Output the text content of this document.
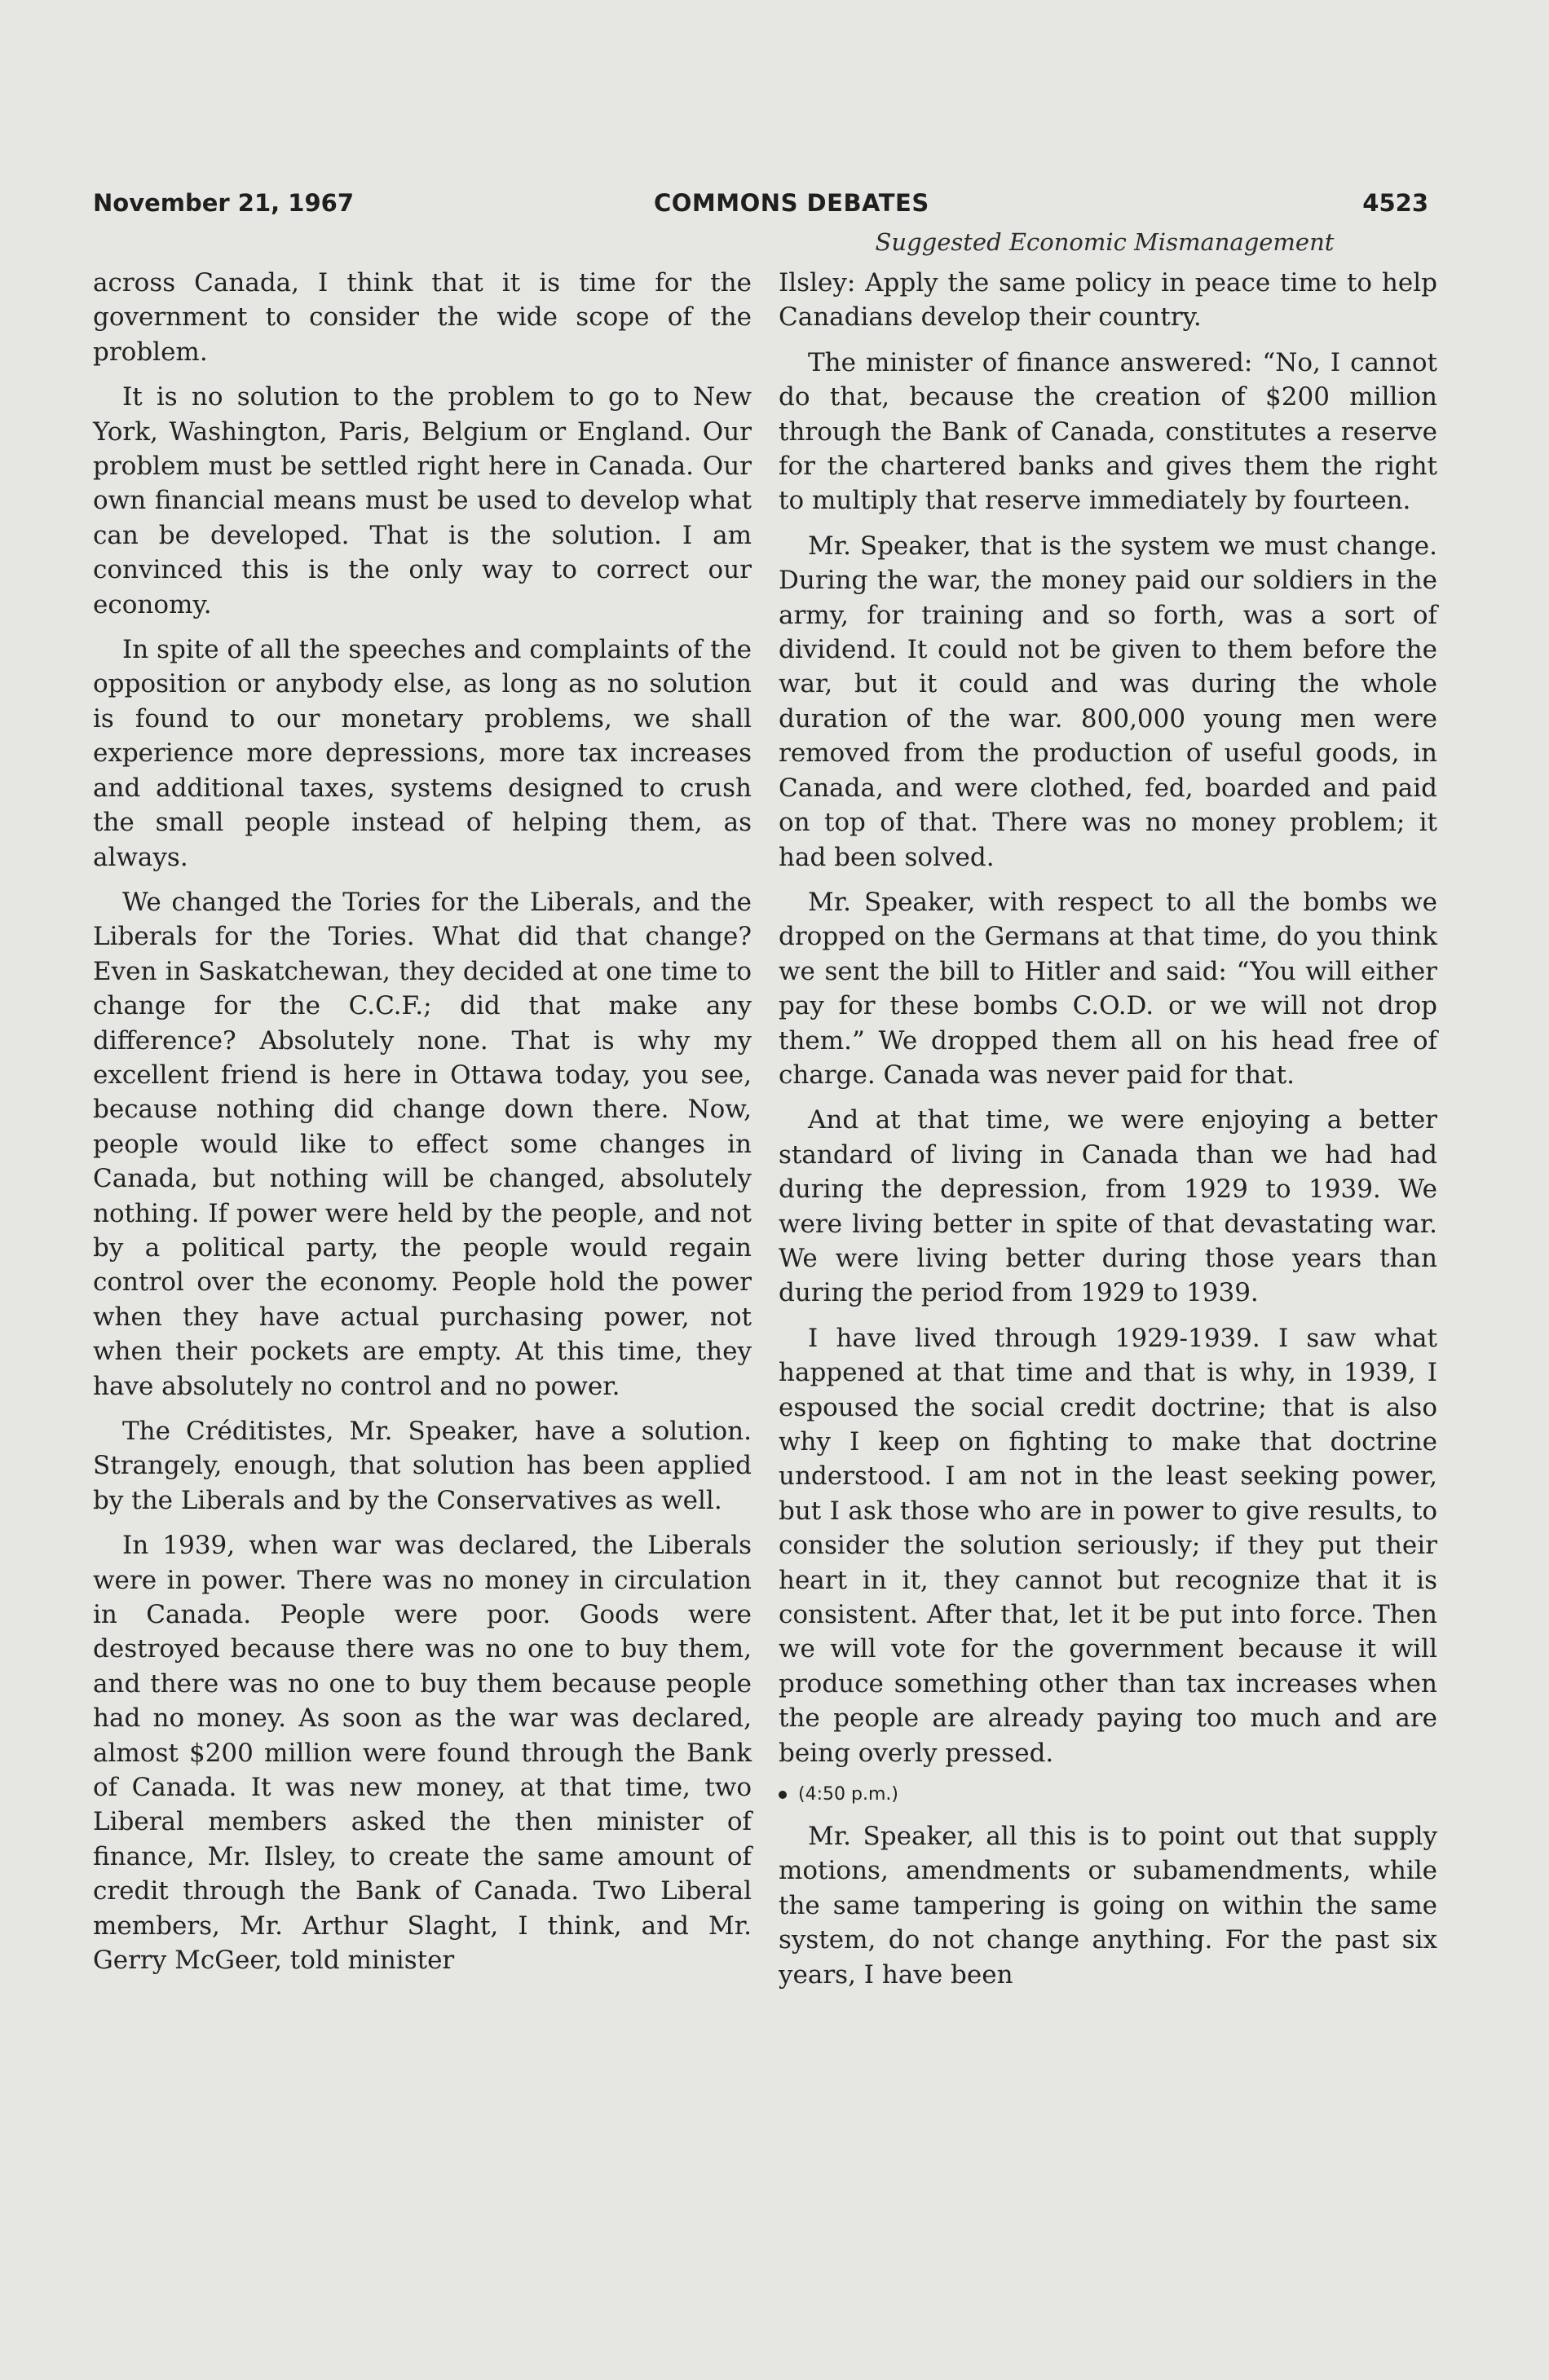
November 21, 1967	COMMONS DEBATES	4523
Suggested Economic Mismanagement

across Canada, I think that it is time for the government to consider the wide scope of the problem.

It is no solution to the problem to go to New York, Washington, Paris, Belgium or England. Our problem must be settled right here in Canada. Our own financial means must be used to develop what can be developed. That is the solution. I am convinced this is the only way to correct our economy.

In spite of all the speeches and complaints of the opposition or anybody else, as long as no solution is found to our monetary problems, we shall experience more depressions, more tax increases and additional taxes, systems designed to crush the small people instead of helping them, as always.

We changed the Tories for the Liberals, and the Liberals for the Tories. What did that change? Even in Saskatchewan, they decided at one time to change for the C.C.F.; did that make any difference? Absolutely none. That is why my excellent friend is here in Ottawa today, you see, because nothing did change down there. Now, people would like to effect some changes in Canada, but nothing will be changed, absolutely nothing. If power were held by the people, and not by a political party, the people would regain control over the economy. People hold the power when they have actual purchasing power, not when their pockets are empty. At this time, they have absolutely no control and no power.

The Créditistes, Mr. Speaker, have a solution. Strangely, enough, that solution has been applied by the Liberals and by the Conservatives as well.

In 1939, when war was declared, the Liberals were in power. There was no money in circulation in Canada. People were poor. Goods were destroyed because there was no one to buy them, and there was no one to buy them because people had no money. As soon as the war was declared, almost $200 million were found through the Bank of Canada. It was new money, at that time, two Liberal members asked the then minister of finance, Mr. Ilsley, to create the same amount of credit through the Bank of Canada. Two Liberal members, Mr. Arthur Slaght, I think, and Mr. Gerry McGeer, told minister

Ilsley: Apply the same policy in peace time to help Canadians develop their country.

The minister of finance answered: “No, I cannot do that, because the creation of $200 million through the Bank of Canada, constitutes a reserve for the chartered banks and gives them the right to multiply that reserve immediately by fourteen.

Mr. Speaker, that is the system we must change. During the war, the money paid our soldiers in the army, for training and so forth, was a sort of dividend. It could not be given to them before the war, but it could and was during the whole duration of the war. 800,000 young men were removed from the production of useful goods, in Canada, and were clothed, fed, boarded and paid on top of that. There was no money problem; it had been solved.

Mr. Speaker, with respect to all the bombs we dropped on the Germans at that time, do you think we sent the bill to Hitler and said: “You will either pay for these bombs C.O.D. or we will not drop them.” We dropped them all on his head free of charge. Canada was never paid for that.

And at that time, we were enjoying a better standard of living in Canada than we had had during the depression, from 1929 to 1939. We were living better in spite of that devastating war. We were living better during those years than during the period from 1929 to 1939.

I have lived through 1929-1939. I saw what happened at that time and that is why, in 1939, I espoused the social credit doctrine; that is also why I keep on fighting to make that doctrine understood. I am not in the least seeking power, but I ask those who are in power to give results, to consider the solution seriously; if they put their heart in it, they cannot but recognize that it is consistent. After that, let it be put into force. Then we will vote for the government because it will produce something other than tax increases when the people are already paying too much and are being overly pressed.

(4:50 p.m.)

Mr. Speaker, all this is to point out that supply motions, amendments or subamendments, while the same tampering is going on within the same system, do not change anything. For the past six years, I have been
